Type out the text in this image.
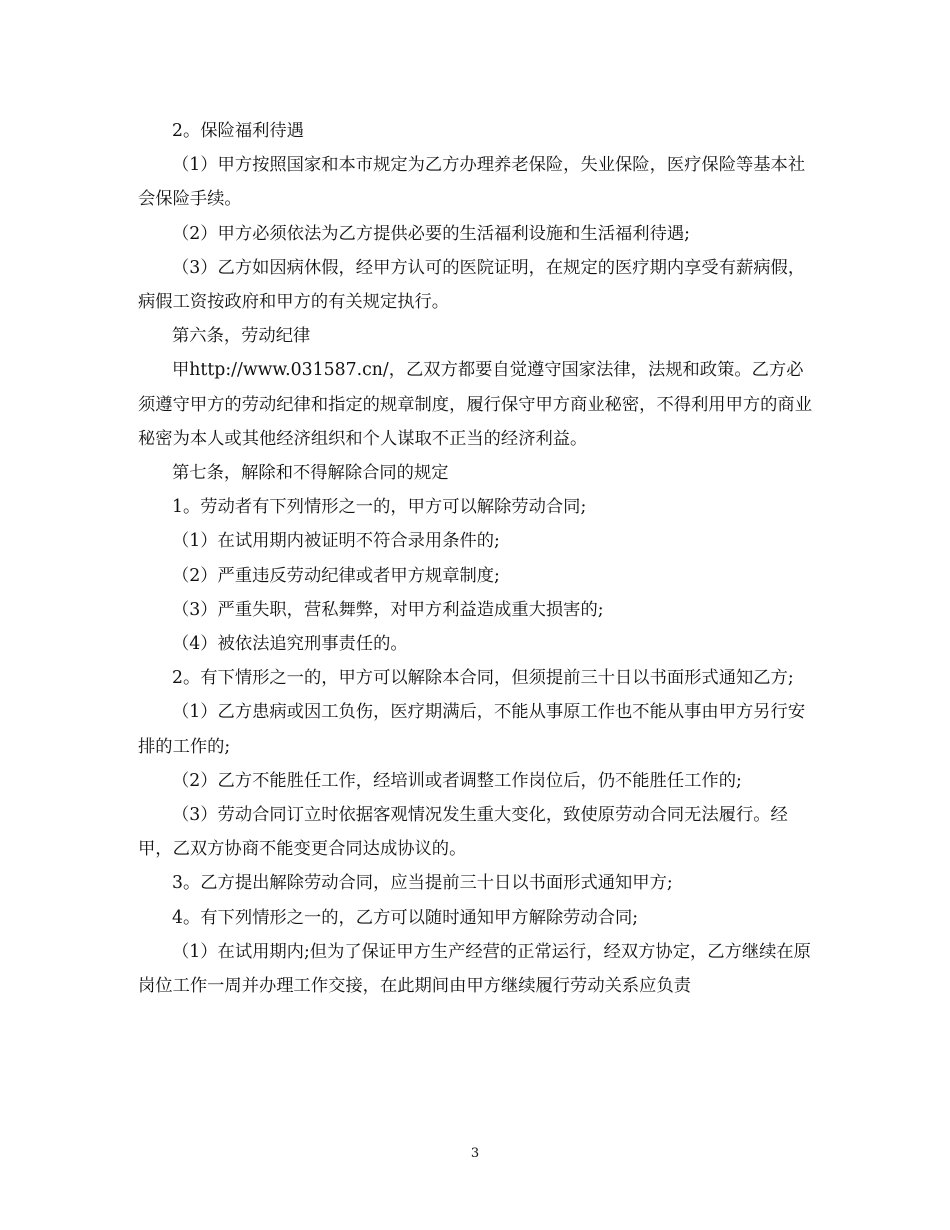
2。保险福利待遇

（1）甲方按照国家和本市规定为乙方办理养老保险，失业保险，医疗保险等基本社会保险手续。

（2）甲方必须依法为乙方提供必要的生活福利设施和生活福利待遇;

（3）乙方如因病休假，经甲方认可的医院证明，在规定的医疗期内享受有薪病假，病假工资按政府和甲方的有关规定执行。

第六条，劳动纪律

甲http://www.031587.cn/，乙双方都要自觉遵守国家法律，法规和政策。乙方必须遵守甲方的劳动纪律和指定的规章制度，履行保守甲方商业秘密，不得利用甲方的商业秘密为本人或其他经济组织和个人谋取不正当的经济利益。

第七条，解除和不得解除合同的规定

1。劳动者有下列情形之一的，甲方可以解除劳动合同;

（1）在试用期内被证明不符合录用条件的;

（2）严重违反劳动纪律或者甲方规章制度;

（3）严重失职，营私舞弊，对甲方利益造成重大损害的;

（4）被依法追究刑事责任的。

2。有下情形之一的，甲方可以解除本合同，但须提前三十日以书面形式通知乙方;

（1）乙方患病或因工负伤，医疗期满后，不能从事原工作也不能从事由甲方另行安排的工作的;

（2）乙方不能胜任工作，经培训或者调整工作岗位后，仍不能胜任工作的;

（3）劳动合同订立时依据客观情况发生重大变化，致使原劳动合同无法履行。经甲，乙双方协商不能变更合同达成协议的。

3。乙方提出解除劳动合同，应当提前三十日以书面形式通知甲方;

4。有下列情形之一的，乙方可以随时通知甲方解除劳动合同;

（1）在试用期内;但为了保证甲方生产经营的正常运行，经双方协定，乙方继续在原岗位工作一周并办理工作交接，在此期间由甲方继续履行劳动关系应负责

3
